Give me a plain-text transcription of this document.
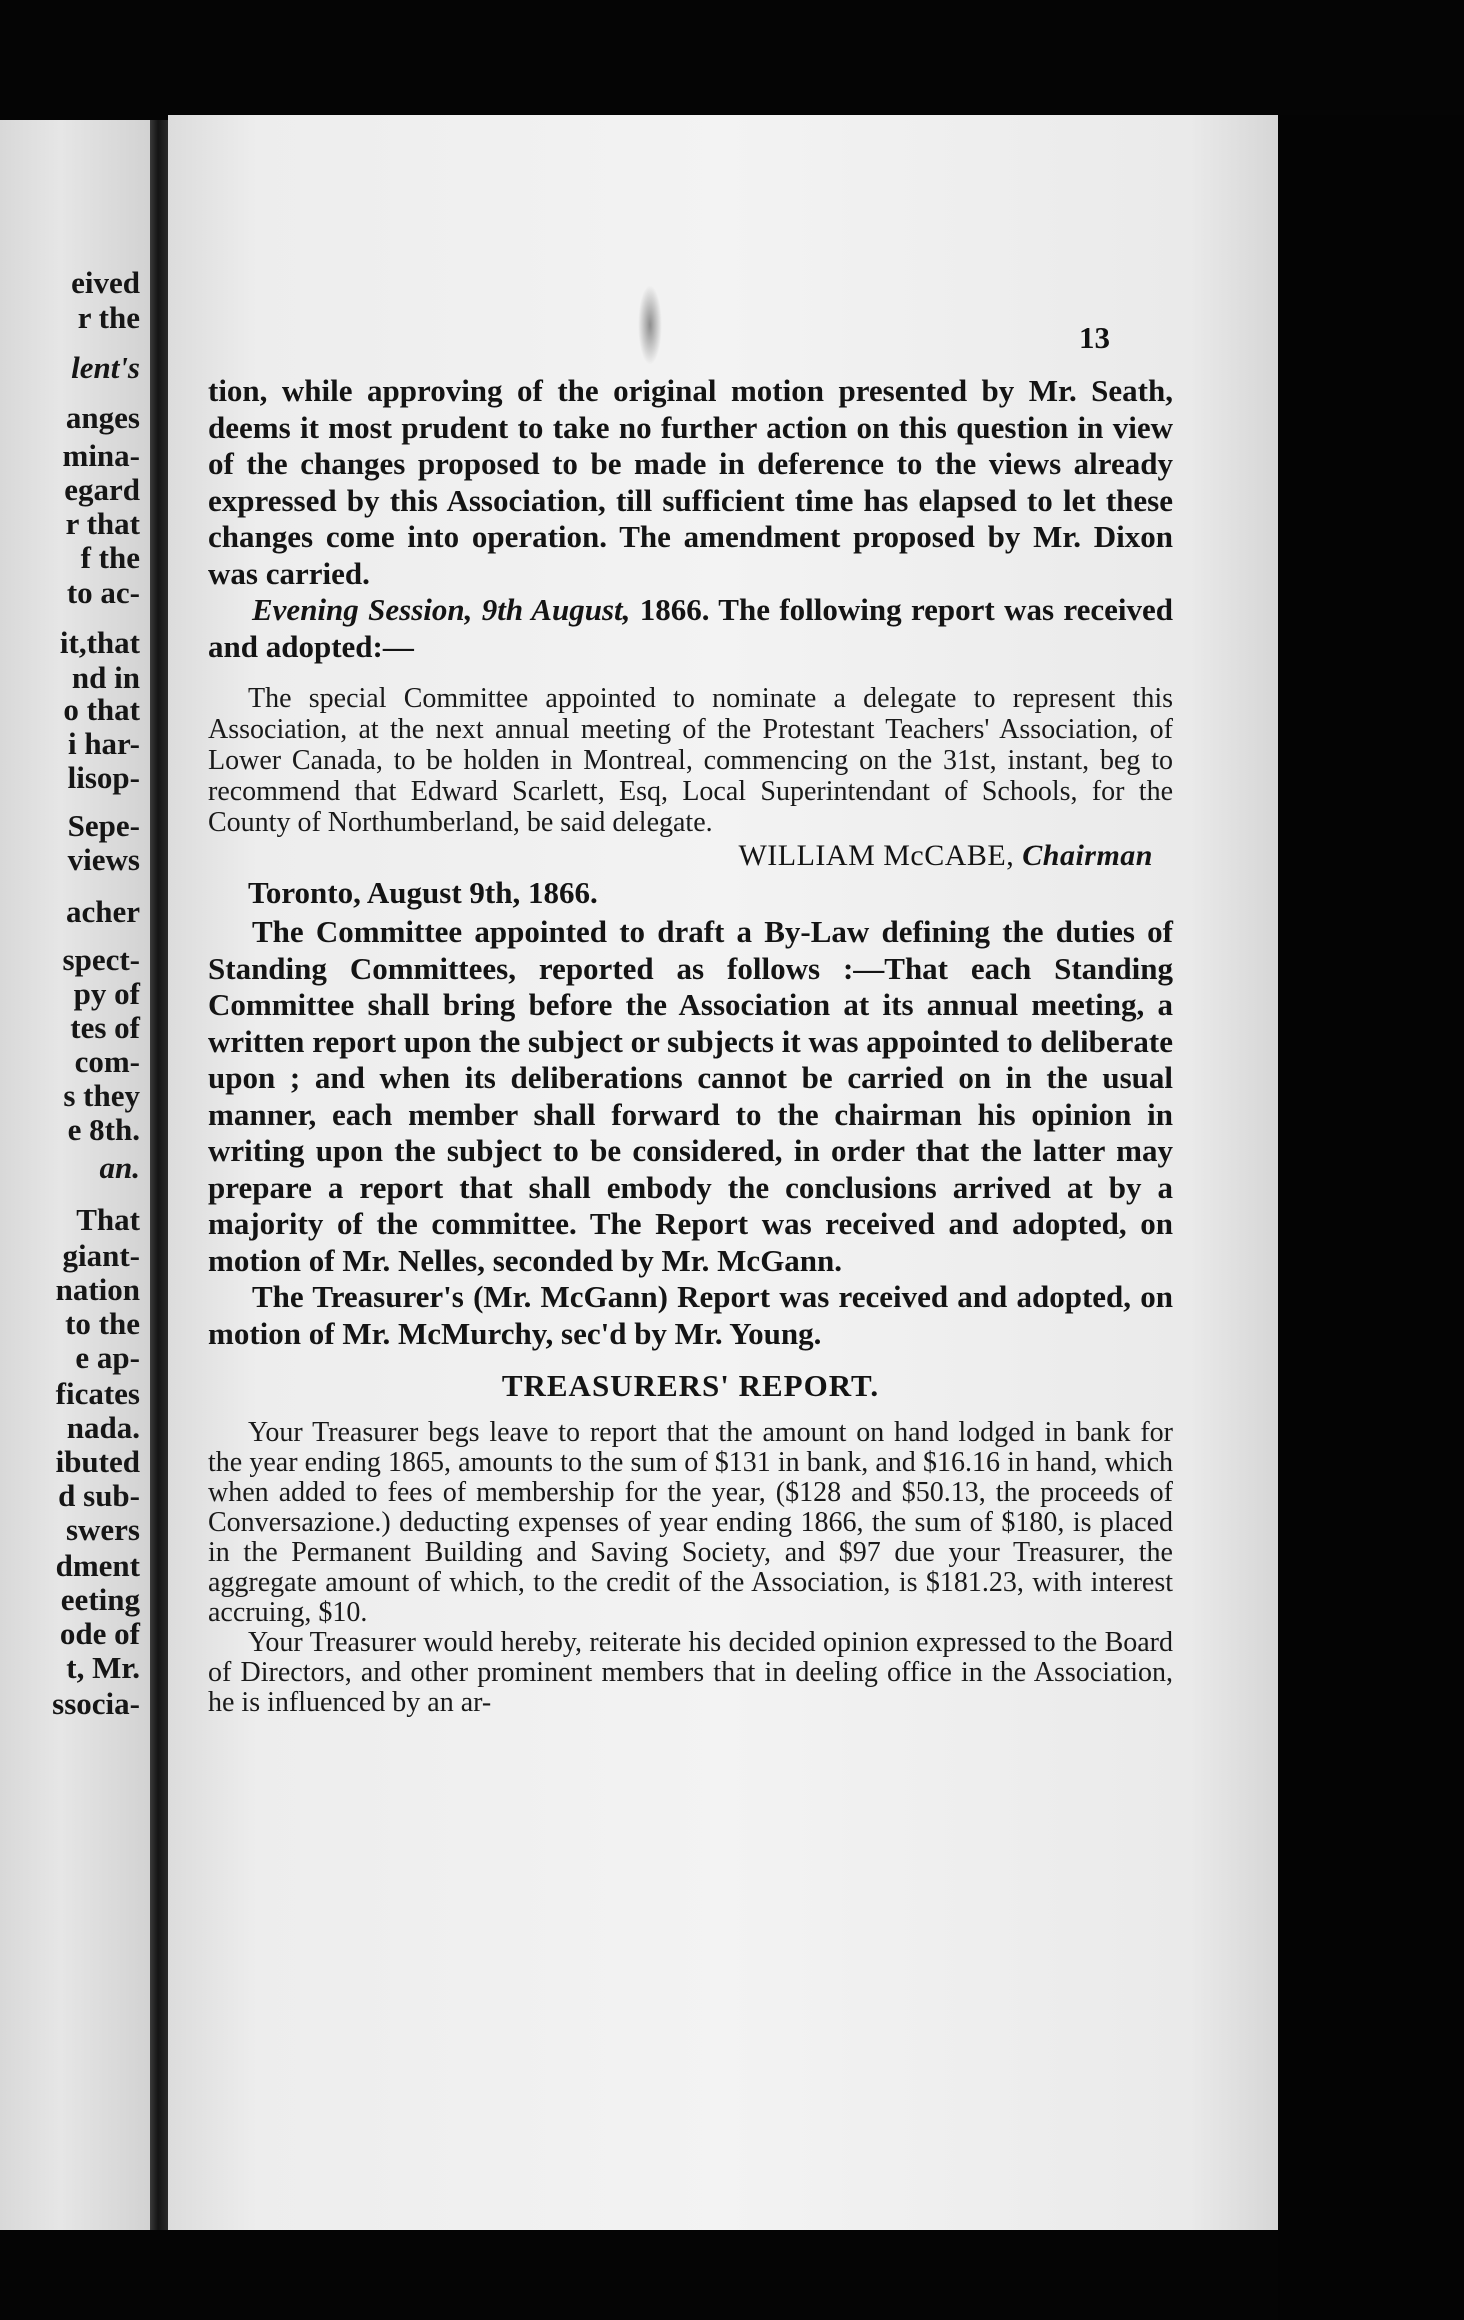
eived
r the
lent's
anges
mina-
egard
r that
f the
to ac-
it,that
nd in
o that
i har-
lisop-
Sepe-
views
acher
spect-
py of
tes of
com-
s they
e 8th.
an.
That
giant-
nation
to the
e ap-
ficates
nada.
ibuted
d sub-
swers
dment
eeting
ode of
t, Mr.
ssocia-
13

tion, while approving of the original motion presented by Mr. Seath, deems it most prudent to take no further action on this question in view of the changes proposed to be made in deference to the views already expressed by this Association, till sufficient time has elapsed to let these changes come into operation. The amendment proposed by Mr. Dixon was carried.

Evening Session, 9th August, 1866. The following report was received and adopted:—

The special Committee appointed to nominate a delegate to represent this Association, at the next annual meeting of the Protestant Teachers' Association, of Lower Canada, to be holden in Montreal, commencing on the 31st, instant, beg to recommend that Edward Scarlett, Esq, Local Superintendant of Schools, for the County of Northumberland, be said delegate.

WILLIAM McCABE, Chairman

Toronto, August 9th, 1866.

The Committee appointed to draft a By-Law defining the duties of Standing Committees, reported as follows :—That each Standing Committee shall bring before the Association at its annual meeting, a written report upon the subject or subjects it was appointed to deliberate upon ; and when its deliberations cannot be carried on in the usual manner, each member shall forward to the chairman his opinion in writing upon the subject to be considered, in order that the latter may prepare a report that shall embody the conclusions arrived at by a majority of the committee. The Report was received and adopted, on motion of Mr. Nelles, seconded by Mr. McGann.

The Treasurer's (Mr. McGann) Report was received and adopted, on motion of Mr. McMurchy, sec'd by Mr. Young.

TREASURERS' REPORT.

Your Treasurer begs leave to report that the amount on hand lodged in bank for the year ending 1865, amounts to the sum of $131 in bank, and $16.16 in hand, which when added to fees of membership for the year, ($128 and $50.13, the proceeds of Conversazione.) deducting expenses of year ending 1866, the sum of $180, is placed in the Permanent Building and Saving Society, and $97 due your Treasurer, the aggregate amount of which, to the credit of the Association, is $181.23, with interest accruing, $10.

Your Treasurer would hereby, reiterate his decided opinion expressed to the Board of Directors, and other prominent members that in deeling office in the Association, he is influenced by an ar-
